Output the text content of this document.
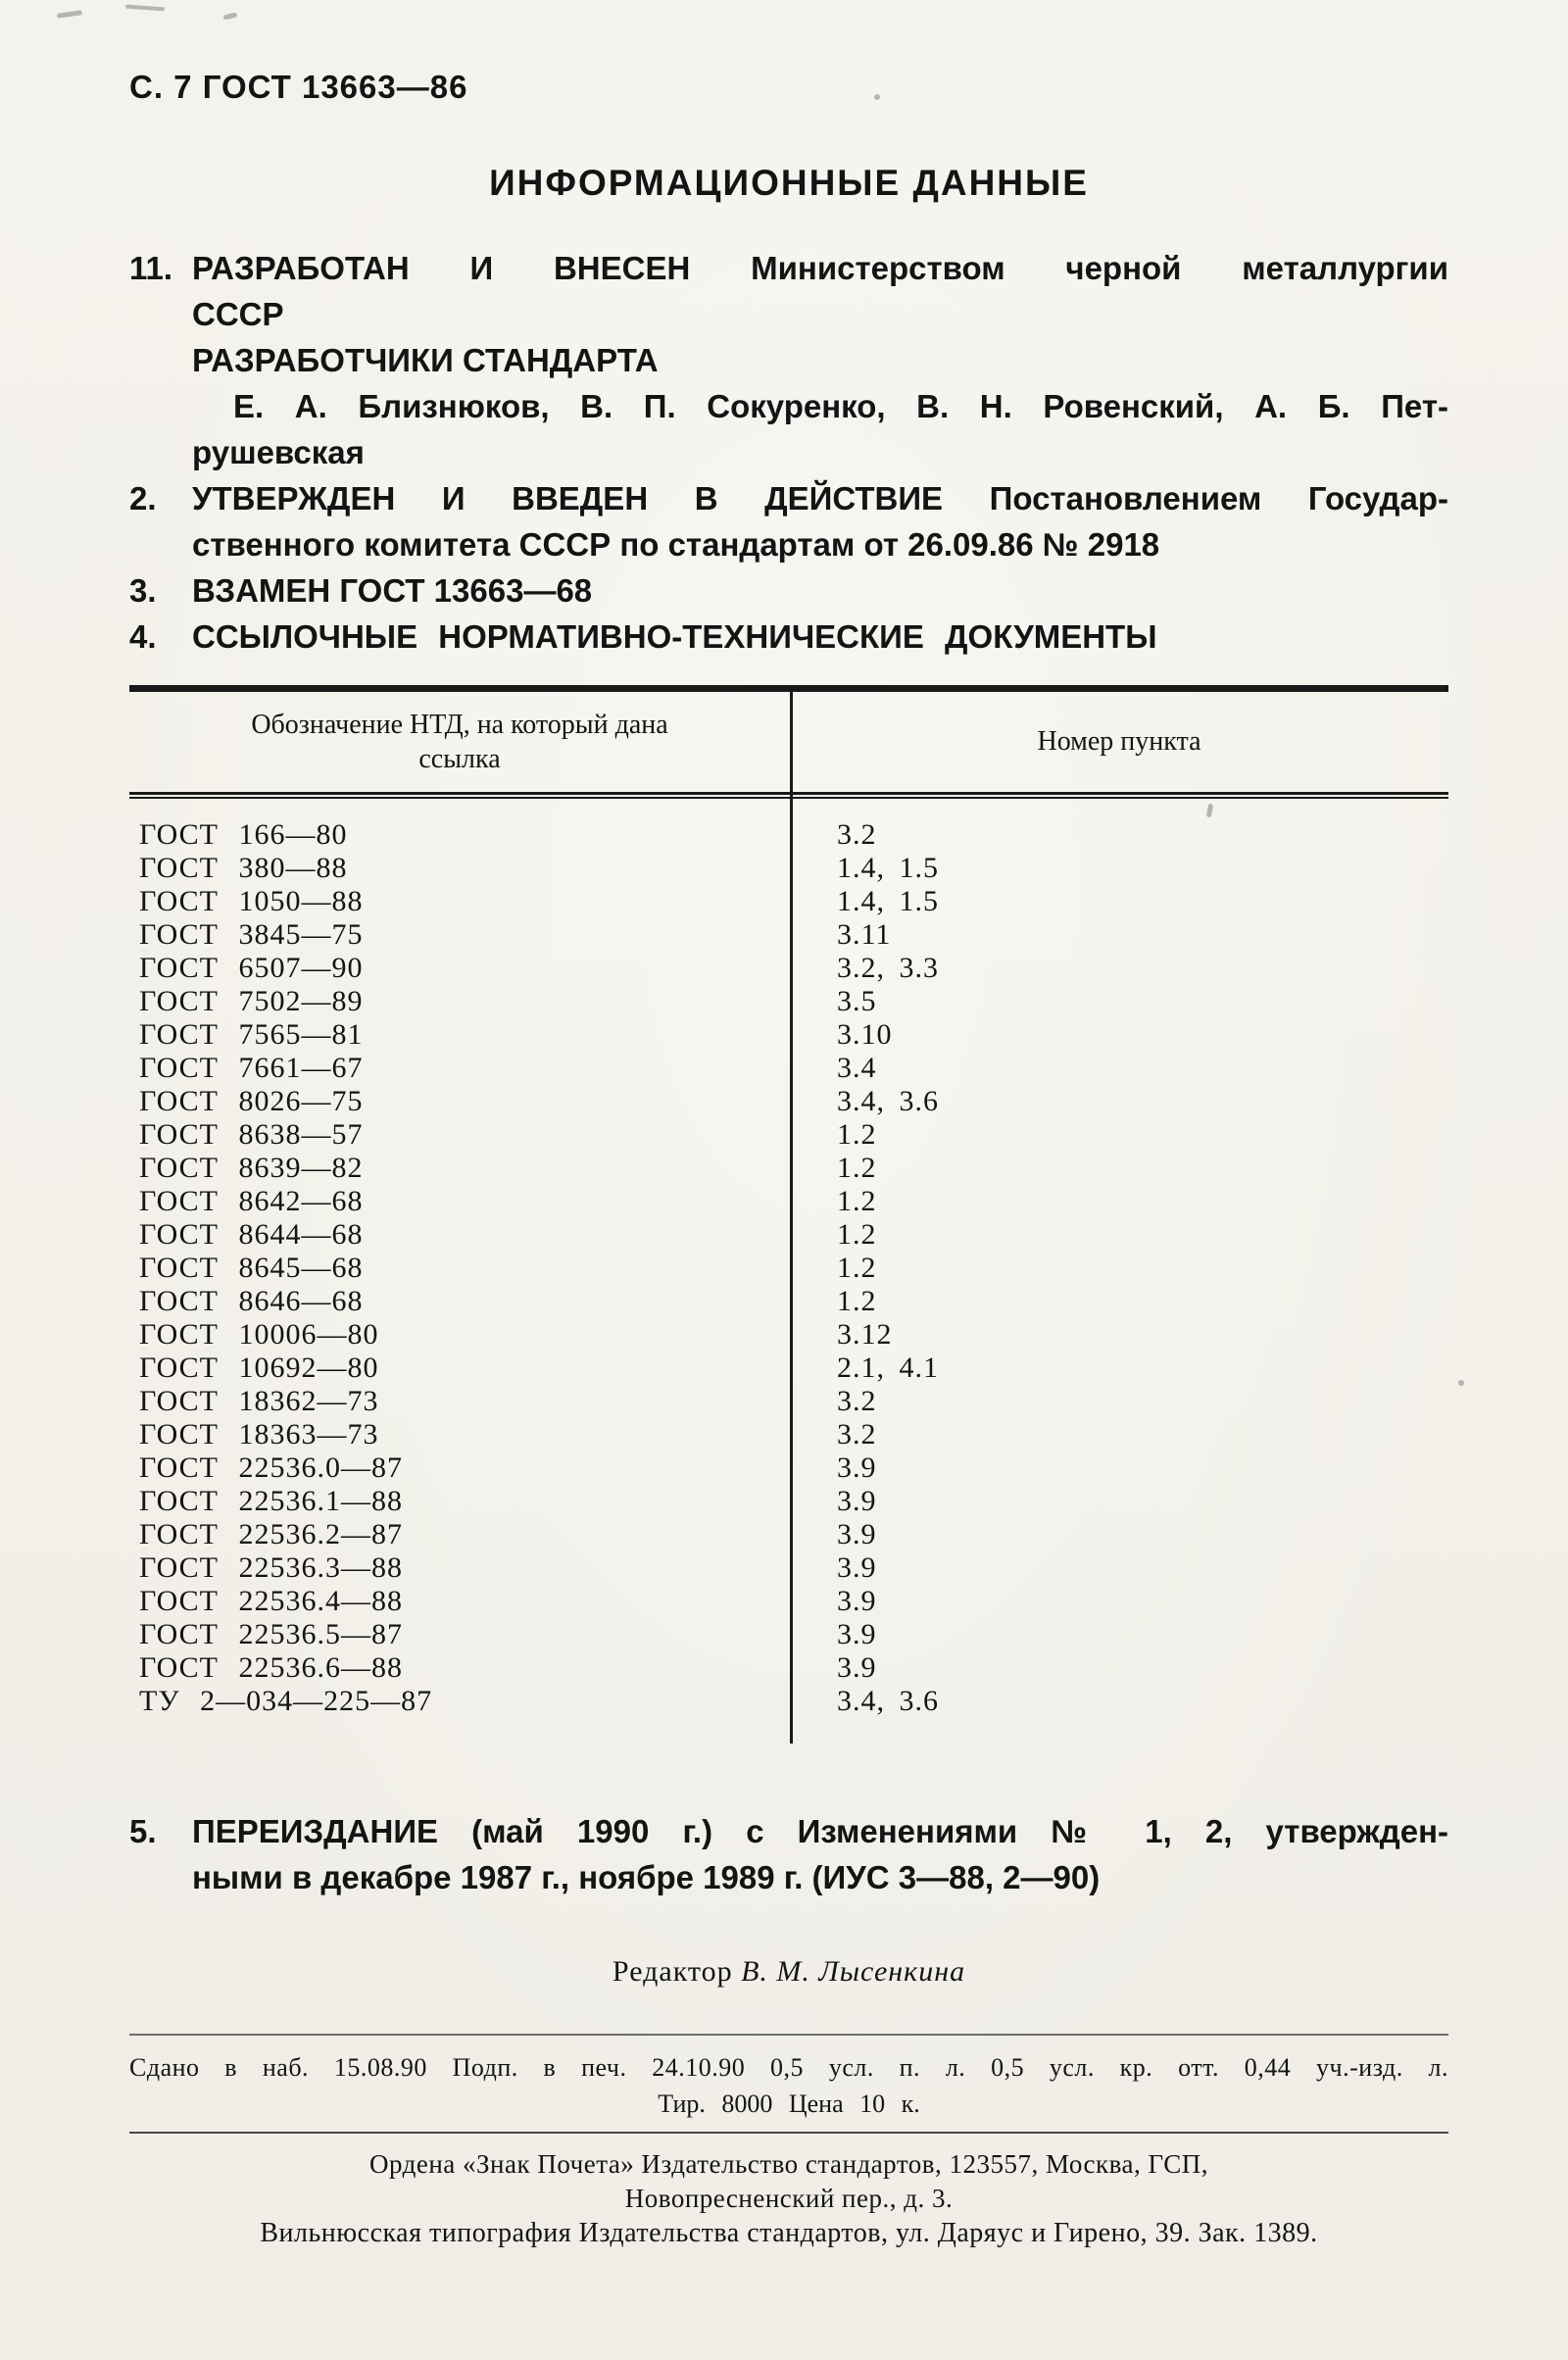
С. 7 ГОСТ 13663—86
ИНФОРМАЦИОННЫЕ ДАННЫЕ
11. РАЗРАБОТАН И ВНЕСЕН Министерством черной металлургии
СССР
РАЗРАБОТЧИКИ СТАНДАРТА
Е. А. Близнюков, В. П. Сокуренко, В. Н. Ровенский, А. Б. Пет-
рушевская
2. УТВЕРЖДЕН И ВВЕДЕН В ДЕЙСТВИЕ Постановлением Государ-
ственного комитета СССР по стандартам от 26.09.86 № 2918
3. ВЗАМЕН ГОСТ 13663—68
4. ССЫЛОЧНЫЕ НОРМАТИВНО-ТЕХНИЧЕСКИЕ ДОКУМЕНТЫ
Обозначение НТД, на который дана ссылка
Номер пункта
ГОСТ 166—80	3.2
ГОСТ 380—88	1.4, 1.5
ГОСТ 1050—88	1.4, 1.5
ГОСТ 3845—75	3.11
ГОСТ 6507—90	3.2, 3.3
ГОСТ 7502—89	3.5
ГОСТ 7565—81	3.10
ГОСТ 7661—67	3.4
ГОСТ 8026—75	3.4, 3.6
ГОСТ 8638—57	1.2
ГОСТ 8639—82	1.2
ГОСТ 8642—68	1.2
ГОСТ 8644—68	1.2
ГОСТ 8645—68	1.2
ГОСТ 8646—68	1.2
ГОСТ 10006—80	3.12
ГОСТ 10692—80	2.1, 4.1
ГОСТ 18362—73	3.2
ГОСТ 18363—73	3.2
ГОСТ 22536.0—87	3.9
ГОСТ 22536.1—88	3.9
ГОСТ 22536.2—87	3.9
ГОСТ 22536.3—88	3.9
ГОСТ 22536.4—88	3.9
ГОСТ 22536.5—87	3.9
ГОСТ 22536.6—88	3.9
ТУ 2—034—225—87	3.4, 3.6
5. ПЕРЕИЗДАНИЕ (май 1990 г.) с Изменениями № 1, 2, утвержден-
ными в декабре 1987 г., ноябре 1989 г. (ИУС 3—88, 2—90)
Редактор В. М. Лысенкина
Сдано в наб. 15.08.90 Подп. в печ. 24.10.90 0,5 усл. п. л. 0,5 усл. кр. отт. 0,44 уч.-изд. л.
Тир. 8000 Цена 10 к.
Ордена «Знак Почета» Издательство стандартов, 123557, Москва, ГСП,
Новопресненский пер., д. 3.
Вильнюсская типография Издательства стандартов, ул. Даряус и Гирено, 39. Зак. 1389.
